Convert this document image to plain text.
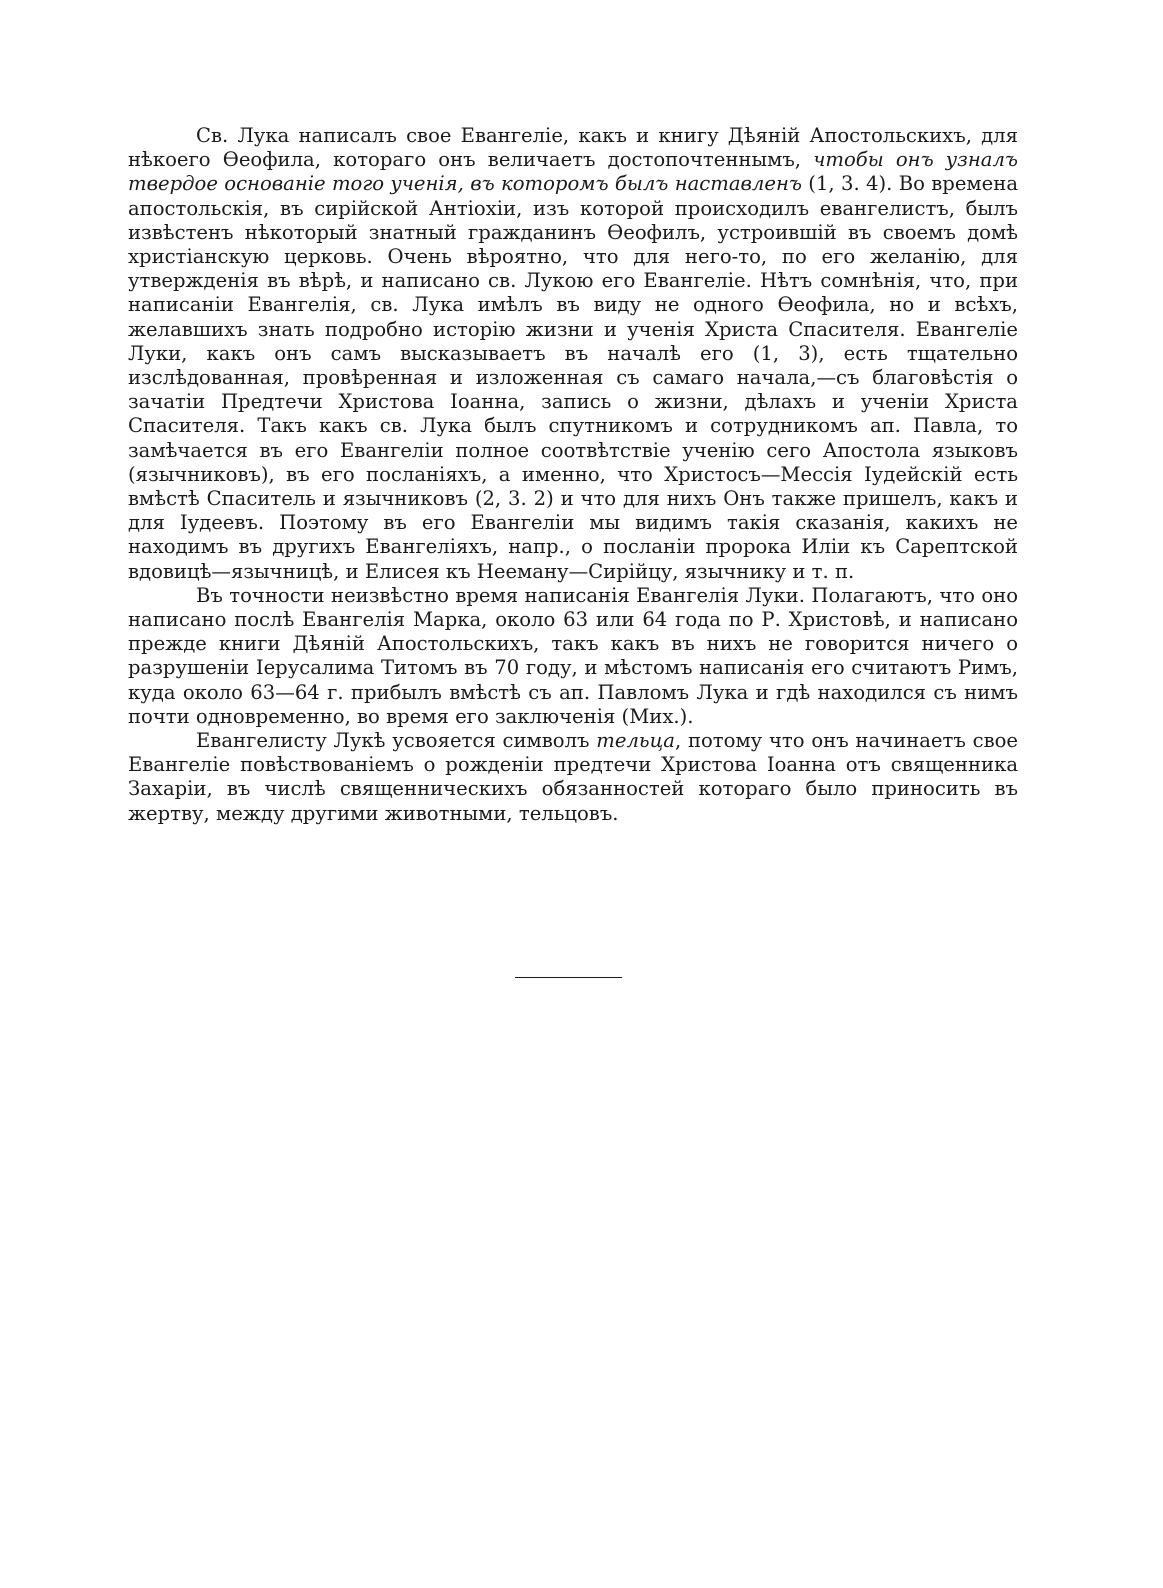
Св. Лука написалъ свое Евангеліе, какъ и книгу Дѣяній Апостольскихъ, для нѣкоего Ѳеофила, котораго онъ величаетъ достопочтеннымъ, чтобы онъ узналъ твердое основаніе того ученія, въ которомъ былъ наставленъ (1, 3. 4). Во времена апостольскія, въ сирійской Антіохіи, изъ которой происходилъ евангелистъ, былъ извѣстенъ нѣкоторый знатный гражданинъ Ѳеофилъ, устроившій въ своемъ домѣ христіанскую церковь. Очень вѣроятно, что для него-то, по его желанію, для утвержденія въ вѣрѣ, и написано св. Лукою его Евангеліе. Нѣтъ сомнѣнія, что, при написаніи Евангелія, св. Лука имѣлъ въ виду не одного Ѳеофила, но и всѣхъ, желавшихъ знать подробно исторію жизни и ученія Христа Спасителя. Евангеліе Луки, какъ онъ самъ высказываетъ въ началѣ его (1, 3), есть тщательно изслѣдованная, провѣренная и изложенная съ самаго начала,—съ благовѣстія о зачатіи Предтечи Христова Іоанна, запись о жизни, дѣлахъ и ученіи Христа Спасителя. Такъ какъ св. Лука былъ спутникомъ и сотрудникомъ ап. Павла, то замѣчается въ его Евангеліи полное соотвѣтствіе ученію сего Апостола языковъ (язычниковъ), въ его посланіяхъ, а именно, что Христосъ—Мессія Іудейскій есть вмѣстѣ Спаситель и язычниковъ (2, 3. 2) и что для нихъ Онъ также пришелъ, какъ и для Іудеевъ. Поэтому въ его Евангеліи мы видимъ такія сказанія, какихъ не находимъ въ другихъ Евангеліяхъ, напр., о посланіи пророка Иліи къ Сарептской вдовицѣ—язычницѣ, и Елисея къ Нееману—Сирійцу, язычнику и т. п.

Въ точности неизвѣстно время написанія Евангелія Луки. Полагаютъ, что оно написано послѣ Евангелія Марка, около 63 или 64 года по Р. Христовѣ, и написано прежде книги Дѣяній Апостольскихъ, такъ какъ въ нихъ не говорится ничего о разрушеніи Іерусалима Титомъ въ 70 году, и мѣстомъ написанія его считаютъ Римъ, куда около 63—64 г. прибылъ вмѣстѣ съ ап. Павломъ Лука и гдѣ находился съ нимъ почти одновременно, во время его заключенія (Мих.).

Евангелисту Лукѣ усвояется символъ тельца, потому что онъ начинаетъ свое Евангеліе повѣствованіемъ о рожденіи предтечи Христова Іоанна отъ священника Захаріи, въ числѣ священническихъ обязанностей котораго было приносить въ жертву, между другими животными, тельцовъ.
